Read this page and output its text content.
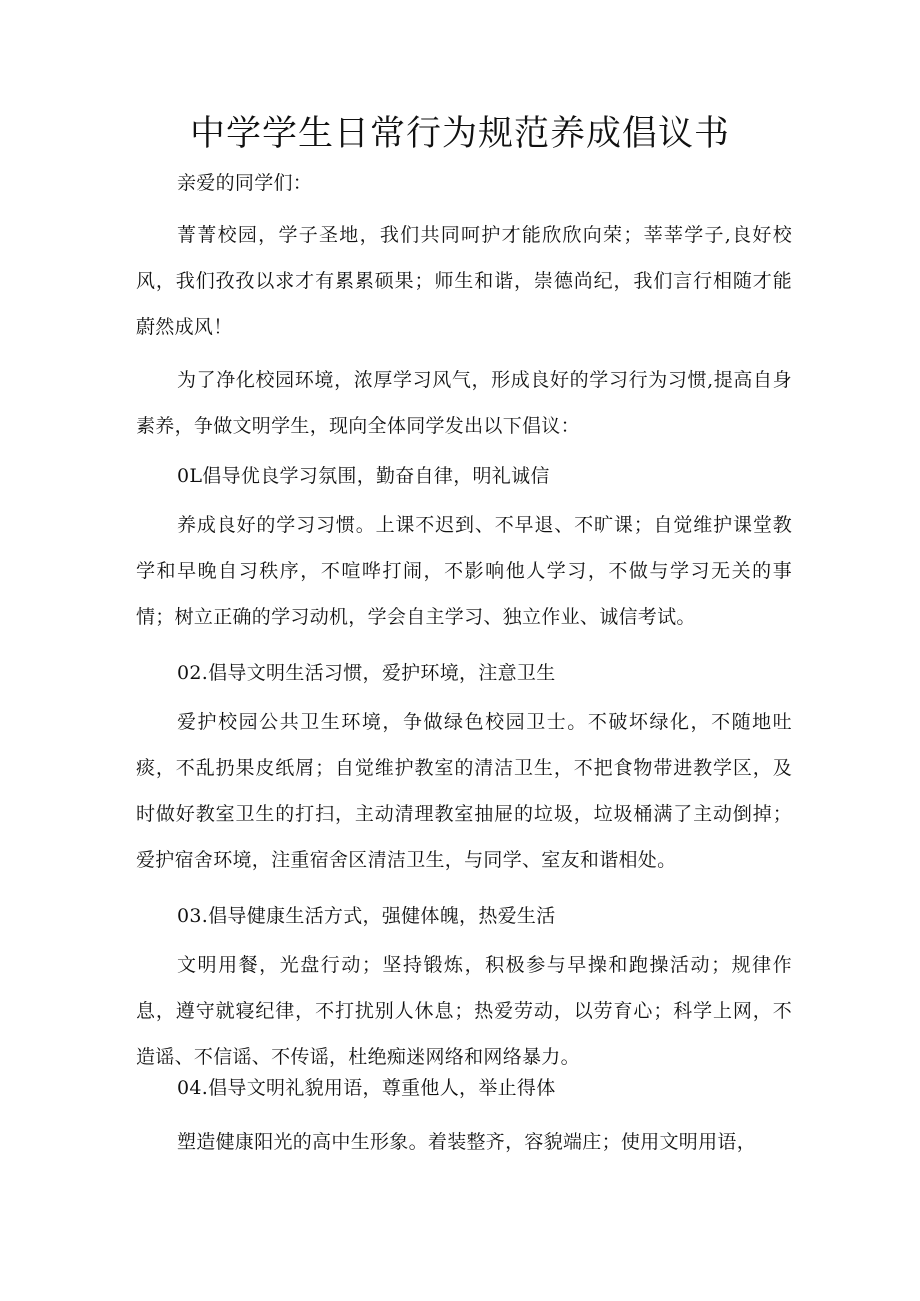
中学学生日常行为规范养成倡议书

亲爱的同学们：

菁菁校园，学子圣地，我们共同呵护才能欣欣向荣；莘莘学子,良好校风，我们孜孜以求才有累累硕果；师生和谐，崇德尚纪，我们言行相随才能蔚然成风！

为了净化校园环境，浓厚学习风气，形成良好的学习行为习惯,提高自身素养，争做文明学生，现向全体同学发出以下倡议：

0L倡导优良学习氛围，勤奋自律，明礼诚信

养成良好的学习习惯。上课不迟到、不早退、不旷课；自觉维护课堂教学和早晚自习秩序，不喧哗打闹，不影响他人学习，不做与学习无关的事情；树立正确的学习动机，学会自主学习、独立作业、诚信考试。

02.倡导文明生活习惯，爱护环境，注意卫生

爱护校园公共卫生环境，争做绿色校园卫士。不破坏绿化，不随地吐痰，不乱扔果皮纸屑；自觉维护教室的清洁卫生，不把食物带进教学区，及时做好教室卫生的打扫，主动清理教室抽屉的垃圾，垃圾桶满了主动倒掉；爱护宿舍环境，注重宿舍区清洁卫生，与同学、室友和谐相处。

03.倡导健康生活方式，强健体魄，热爱生活

文明用餐，光盘行动；坚持锻炼，积极参与早操和跑操活动；规律作息，遵守就寝纪律，不打扰别人休息；热爱劳动，以劳育心；科学上网，不造谣、不信谣、不传谣，杜绝痴迷网络和网络暴力。

04.倡导文明礼貌用语，尊重他人，举止得体

塑造健康阳光的高中生形象。着装整齐，容貌端庄；使用文明用语，
